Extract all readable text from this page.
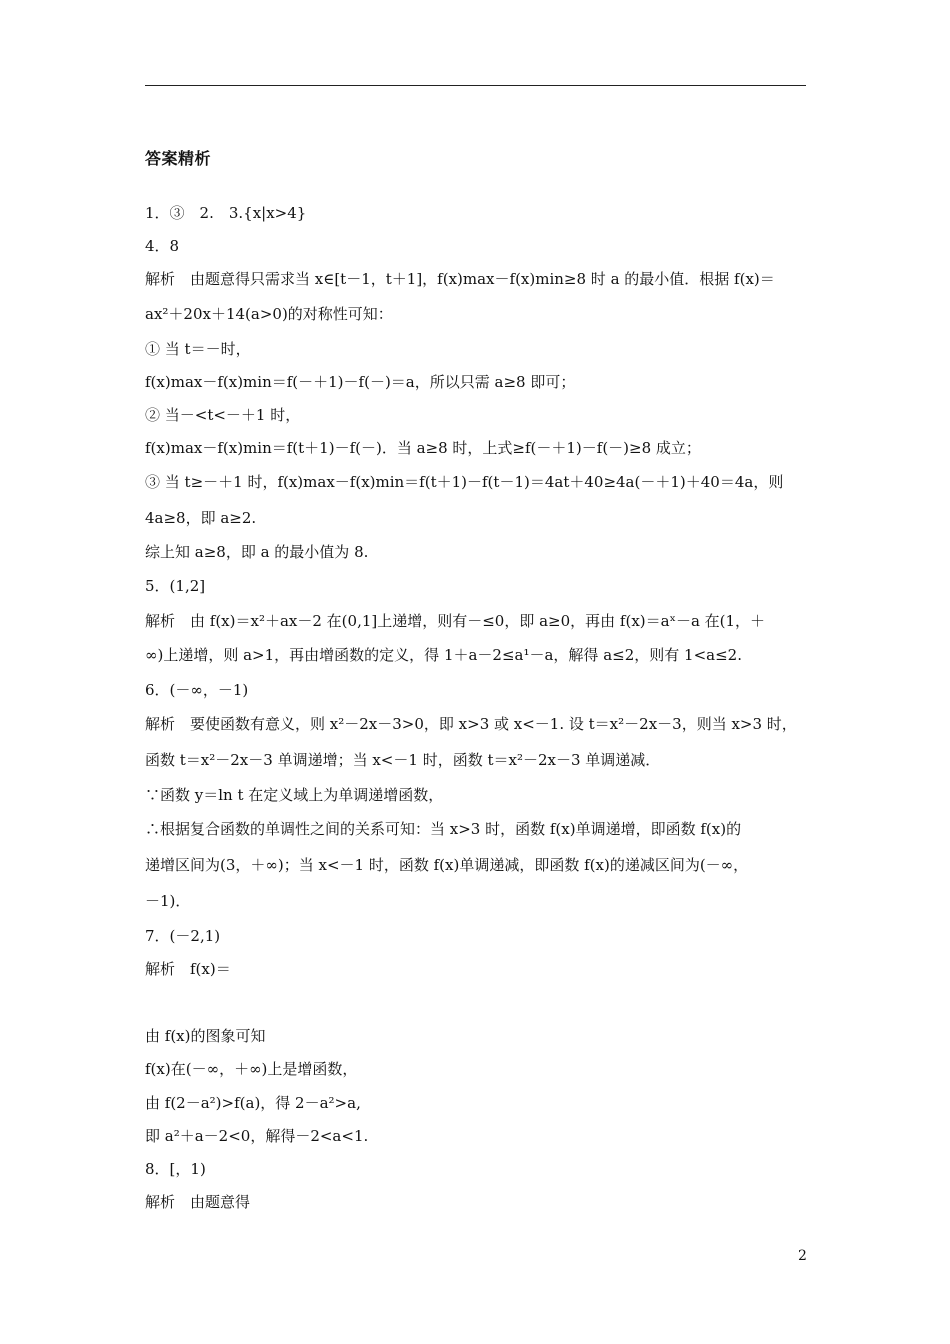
答案精析
1．③　2.　3.{x|x>4}
4．8
解析　由题意得只需求当 x∈[t－1，t＋1]，f(x)max－f(x)min≥8 时 a 的最小值．根据 f(x)＝
ax²＋20x＋14(a>0)的对称性可知：
① 当 t＝－时，
f(x)max－f(x)min＝f(－＋1)－f(－)＝a，所以只需 a≥8 即可；
② 当－<t<－＋1 时，
f(x)max－f(x)min＝f(t＋1)－f(－)．当 a≥8 时，上式≥f(－＋1)－f(－)≥8 成立；
③ 当 t≥－＋1 时，f(x)max－f(x)min＝f(t＋1)－f(t－1)＝4at＋40≥4a(－＋1)＋40＝4a，则
4a≥8，即 a≥2.
综上知 a≥8，即 a 的最小值为 8.
5．(1,2]
解析　由 f(x)＝x²＋ax－2 在(0,1]上递增，则有－≤0，即 a≥0，再由 f(x)＝aˣ－a 在(1，＋
∞)上递增，则 a>1，再由增函数的定义，得 1＋a－2≤a¹－a，解得 a≤2，则有 1<a≤2.
6．(－∞，－1)
解析　要使函数有意义，则 x²－2x－3>0，即 x>3 或 x<－1. 设 t＝x²－2x－3，则当 x>3 时，
函数 t＝x²－2x－3 单调递增；当 x<－1 时，函数 t＝x²－2x－3 单调递减．
∵函数 y＝ln t 在定义域上为单调递增函数，
∴根据复合函数的单调性之间的关系可知：当 x>3 时，函数 f(x)单调递增，即函数 f(x)的
递增区间为(3，＋∞)；当 x<－1 时，函数 f(x)单调递减，即函数 f(x)的递减区间为(－∞，
－1)．
7．(－2,1)
解析　f(x)＝
由 f(x)的图象可知
f(x)在(－∞，＋∞)上是增函数，
由 f(2－a²)>f(a)，得 2－a²>a,
即 a²＋a－2<0，解得－2<a<1.
8．[，1)
解析　由题意得
2
